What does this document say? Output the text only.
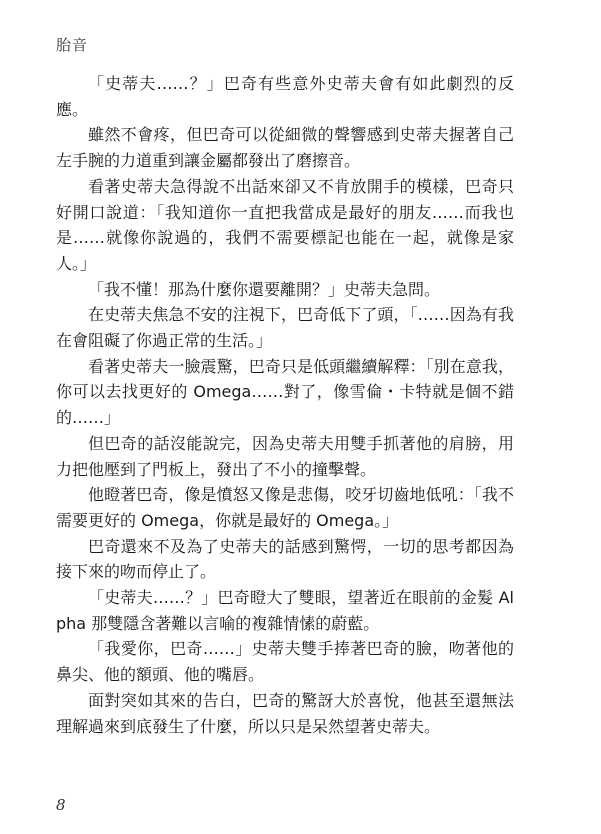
胎音

「史蒂夫……？」巴奇有些意外史蒂夫會有如此劇烈的反應。

雖然不會疼，但巴奇可以從細微的聲響感到史蒂夫握著自己左手腕的力道重到讓金屬都發出了磨擦音。

看著史蒂夫急得說不出話來卻又不肯放開手的模樣，巴奇只好開口說道：「我知道你一直把我當成是最好的朋友……而我也是……就像你說過的，我們不需要標記也能在一起，就像是家人。」

「我不懂！那為什麼你還要離開？」史蒂夫急問。

在史蒂夫焦急不安的注視下，巴奇低下了頭，「……因為有我在會阻礙了你過正常的生活。」

看著史蒂夫一臉震驚，巴奇只是低頭繼續解釋：「別在意我，你可以去找更好的 Omega……對了，像雪倫・卡特就是個不錯的……」

但巴奇的話沒能說完，因為史蒂夫用雙手抓著他的肩膀，用力把他壓到了門板上，發出了不小的撞擊聲。

他瞪著巴奇，像是憤怒又像是悲傷，咬牙切齒地低吼：「我不需要更好的 Omega，你就是最好的 Omega。」

巴奇還來不及為了史蒂夫的話感到驚愕，一切的思考都因為接下來的吻而停止了。

「史蒂夫……？」巴奇瞪大了雙眼，望著近在眼前的金髮 Alpha 那雙隱含著難以言喻的複雜情愫的蔚藍。

「我愛你，巴奇……」史蒂夫雙手捧著巴奇的臉，吻著他的鼻尖、他的額頭、他的嘴唇。

面對突如其來的告白，巴奇的驚訝大於喜悅，他甚至還無法理解過來到底發生了什麼，所以只是呆然望著史蒂夫。

8
